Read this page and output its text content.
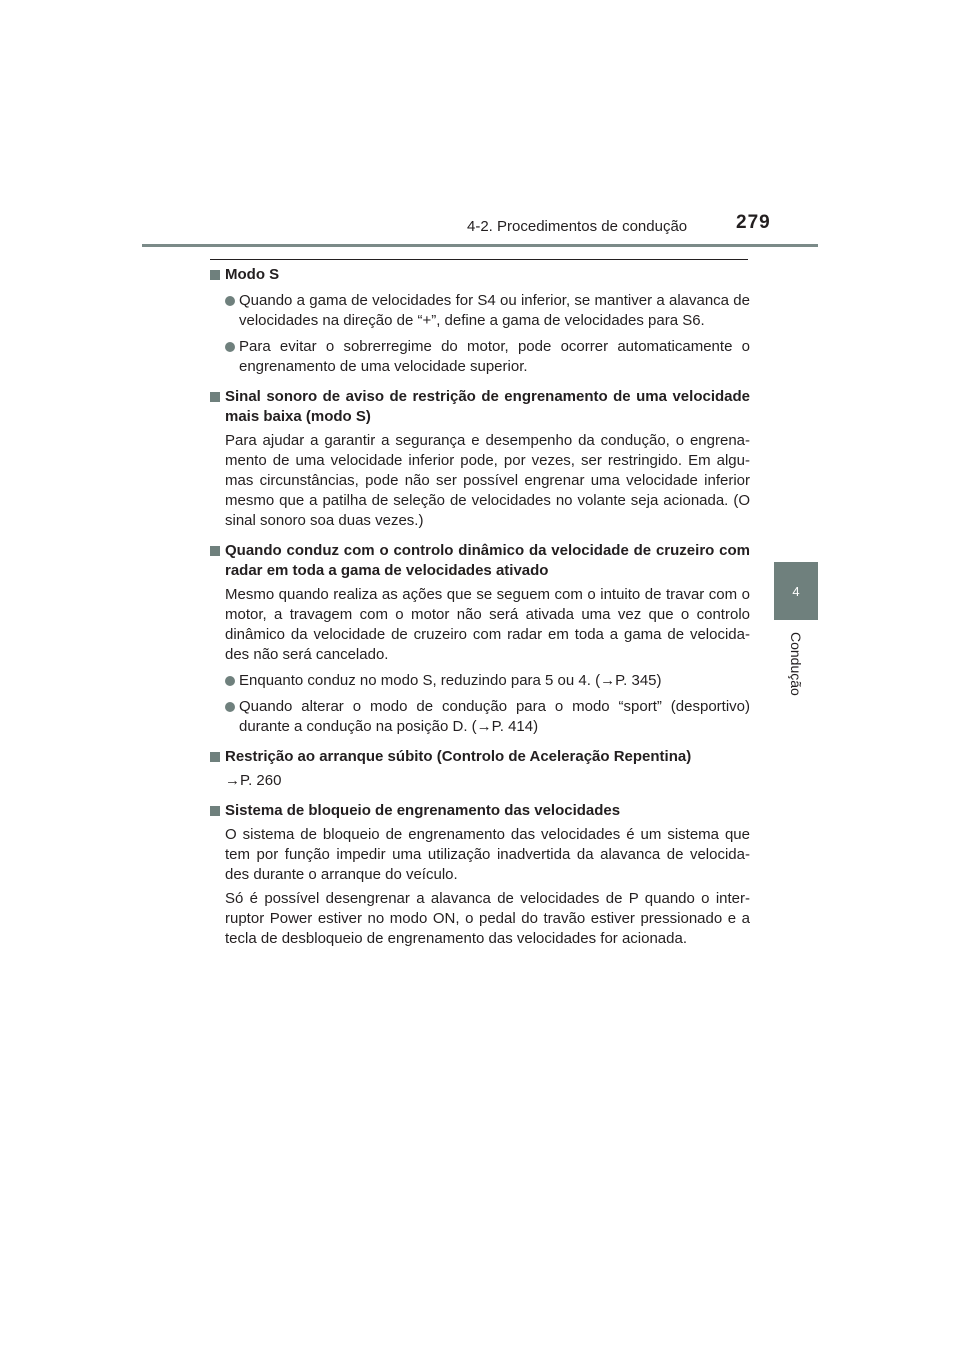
4-2. Procedimentos de condução	279
4
Condução
Modo S
Quando a gama de velocidades for S4 ou inferior, se mantiver a alavanca de velocidades na direção de “+”, define a gama de velocidades para S6.
Para evitar o sobrerregime do motor, pode ocorrer automaticamente o engrenamento de uma velocidade superior.
Sinal sonoro de aviso de restrição de engrenamento de uma velocidade mais baixa (modo S)
Para ajudar a garantir a segurança e desempenho da condução, o engrena- mento de uma velocidade inferior pode, por vezes, ser restringido. Em algu- mas circunstâncias, pode não ser possível engrenar uma velocidade inferior mesmo que a patilha de seleção de velocidades no volante seja acionada. (O sinal sonoro soa duas vezes.)
Quando conduz com o controlo dinâmico da velocidade de cruzeiro com radar em toda a gama de velocidades ativado
Mesmo quando realiza as ações que se seguem com o intuito de travar com o motor, a travagem com o motor não será ativada uma vez que o controlo dinâmico da velocidade de cruzeiro com radar em toda a gama de velocida- des não será cancelado.
Enquanto conduz no modo S, reduzindo para 5 ou 4. (→P. 345)
Quando alterar o modo de condução para o modo “sport” (desportivo) durante a condução na posição D. (→P. 414)
Restrição ao arranque súbito (Controlo de Aceleração Repentina)
→P. 260
Sistema de bloqueio de engrenamento das velocidades
O sistema de bloqueio de engrenamento das velocidades é um sistema que tem por função impedir uma utilização inadvertida da alavanca de velocida- des durante o arranque do veículo.
Só é possível desengrenar a alavanca de velocidades de P quando o inter- ruptor Power estiver no modo ON, o pedal do travão estiver pressionado e a tecla de desbloqueio de engrenamento das velocidades for acionada.
